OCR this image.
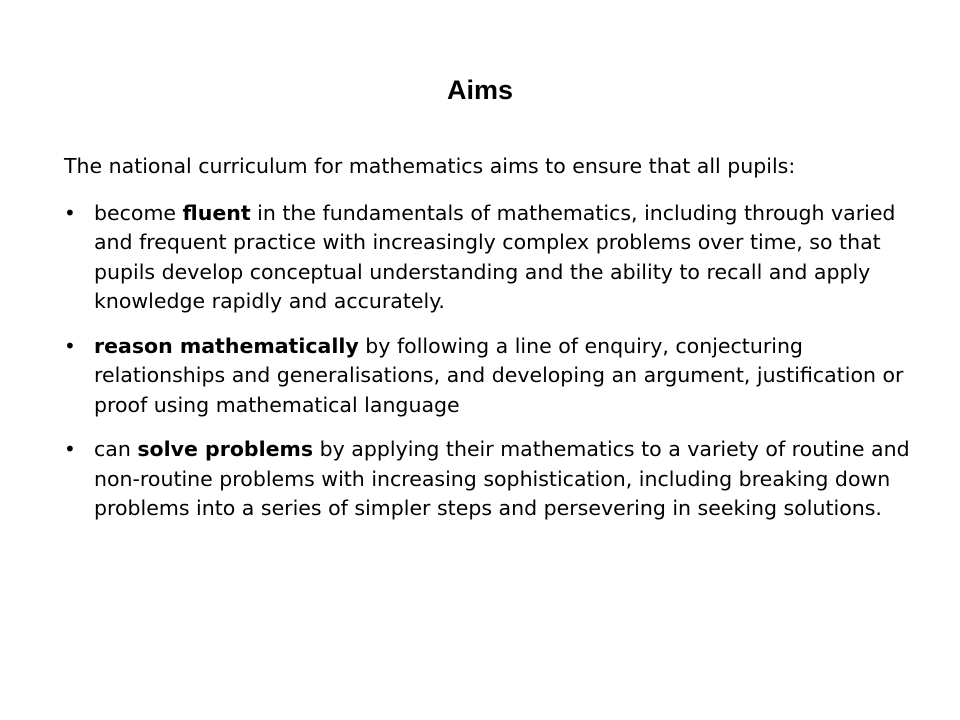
Aims

The national curriculum for mathematics aims to ensure that all pupils:

• become fluent in the fundamentals of mathematics, including through varied and frequent practice with increasingly complex problems over time, so that pupils develop conceptual understanding and the ability to recall and apply knowledge rapidly and accurately.
• reason mathematically by following a line of enquiry, conjecturing relationships and generalisations, and developing an argument, justification or proof using mathematical language
• can solve problems by applying their mathematics to a variety of routine and non-routine problems with increasing sophistication, including breaking down problems into a series of simpler steps and persevering in seeking solutions.
